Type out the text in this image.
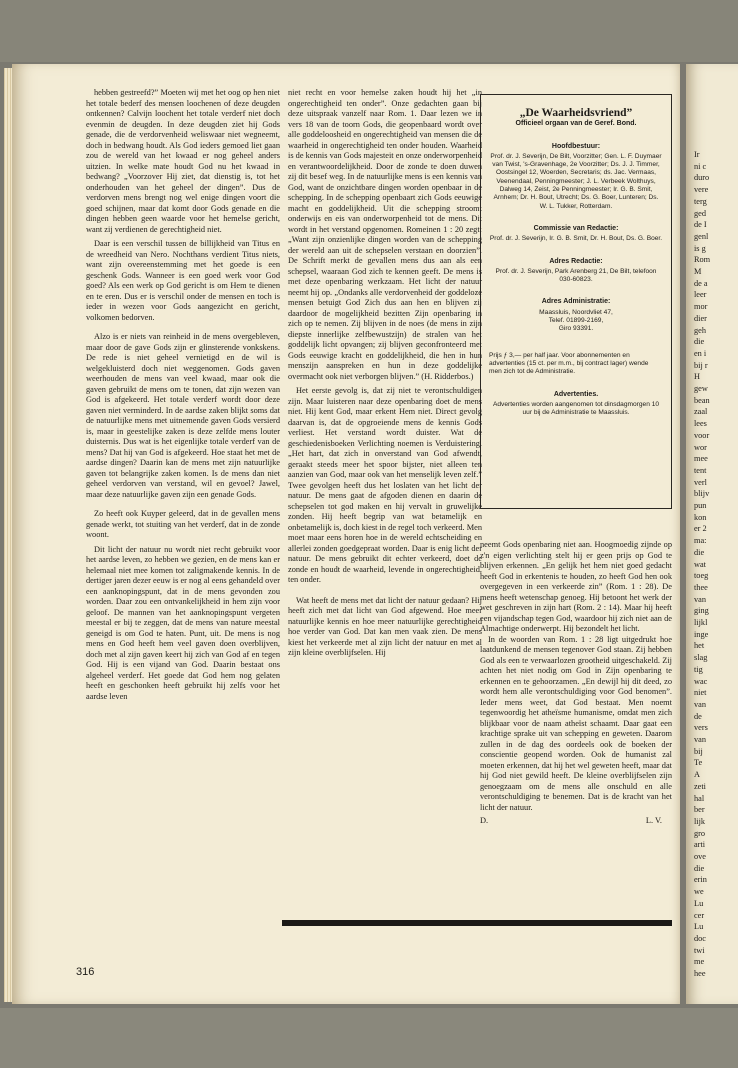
hebben gestreefd?” Moeten wij met het oog op hen niet het totale bederf des mensen loochenen of deze deugden ontkennen? Calvijn loochent het totale verderf niet doch evenmin de deugden. In deze deugden ziet hij Gods genade, die de verdorvenheid weliswaar niet wegneemt, doch in bedwang houdt. Als God ieders gemoed liet gaan zou de wereld van het kwaad er nog geheel anders uitzien. In welke mate houdt God nu het kwaad in bedwang? „Voorzover Hij ziet, dat dienstig is, tot het onderhouden van het geheel der dingen”. Dus de verdorven mens brengt nog wel enige dingen voort die goed schijnen, maar dat komt door Gods genade en die dingen hebben geen waarde voor het hemelse gericht, want zij verdienen de gerechtigheid niet.

Daar is een verschil tussen de billijkheid van Titus en de wreedheid van Nero. Nochthans verdient Titus niets, want zijn overeenstemming met het goede is een geschenk Gods. Wanneer is een goed werk voor God goed? Als een werk op God gericht is om Hem te dienen en te eren. Dus er is verschil onder de mensen en toch is ieder in wezen voor Gods aangezicht en gericht, volkomen bedorven.

Alzo is er niets van reinheid in de mens overgebleven, maar door de gave Gods zijn er glinsterende vonkskens. De rede is niet geheel vernietigd en de wil is welgekluisterd doch niet weggenomen. Gods gaven weerhouden de mens van veel kwaad, maar ook die gaven gebruikt de mens om te tonen, dat zijn wezen van God is afgekeerd. Het totale verderf wordt door deze gaven niet verminderd. In de aardse zaken blijkt soms dat de natuurlijke mens met uitnemende gaven Gods versierd is, maar in geestelijke zaken is deze zelfde mens louter duisternis. Dus wat is het eigenlijke totale verderf van de mens? Dat hij van God is afgekeerd. Hoe staat het met de aardse dingen? Daarin kan de mens met zijn natuurlijke gaven tot belangrijke zaken komen. Is de mens dan niet geheel verdorven van verstand, wil en gevoel? Jawel, maar deze natuurlijke gaven zijn een genade Gods.

Zo heeft ook Kuyper geleerd, dat in de gevallen mens genade werkt, tot stuiting van het verderf, dat in de zonde woont.

Dit licht der natuur nu wordt niet recht gebruikt voor het aardse leven, zo hebben we gezien, en de mens kan er helemaal niet mee komen tot zaligmakende kennis. In de dertiger jaren dezer eeuw is er nog al eens gehandeld over een aanknopingspunt, dat in de mens gevonden zou worden. Daar zou een ontvankelijkheid in hem zijn voor geloof. De mannen van het aanknopingspunt vergeten meestal er bij te zeggen, dat de mens van nature meestal geneigd is om God te haten. Punt, uit. De mens is nog mens en God heeft hem veel gaven doen overblijven, doch met al zijn gaven keert hij zich van God af en tegen God. Hij is een vijand van God. Daarin bestaat ons algeheel verderf. Het goede dat God hem nog gelaten heeft en geschonken heeft gebruikt hij zelfs voor het aardse leven

niet recht en voor hemelse zaken houdt hij het „in ongerechtigheid ten onder”. Onze gedachten gaan bij deze uitspraak vanzelf naar Rom. 1. Daar lezen we in vers 18 van de toorn Gods, die geopenbaard wordt over alle goddeloosheid en ongerechtigheid van mensen die de waarheid in ongerechtigheid ten onder houden. Waarheid is de kennis van Gods majesteit en onze onderworpenheid en verantwoordelijkheid. Door de zonde te doen duwen zij dit besef weg. In de natuurlijke mens is een kennis van God, want de onzichtbare dingen worden openbaar in de schepping. In de schepping openbaart zich Gods eeuwige macht en goddelijkheid. Uit die schepping stroomt onderwijs en eis van onderworpenheid tot de mens. Dit wordt in het verstand opgenomen. Romeinen 1 : 20 zegt: „Want zijn onzienlijke dingen worden van de schepping der wereld aan uit de schepselen verstaan en doorzien”. De Schrift merkt de gevallen mens dus aan als een schepsel, waaraan God zich te kennen geeft. De mens is met deze openbaring werkzaam. Het licht der natuur neemt hij op. „Ondanks alle verdorvenheid der goddeloze mensen betuigt God Zich dus aan hen en blijven zij daardoor de mogelijkheid bezitten Zijn openbaring in zich op te nemen. Zij blijven in de noes (de mens in zijn diepste innerlijke zelfbewustzijn) de stralen van het goddelijk licht opvangen; zij blijven geconfronteerd met Gods eeuwige kracht en goddelijkheid, die hen in hun menszijn aanspreken en hun in deze goddelijke overmacht ook niet verborgen blijven.” (H. Ridderbos.)

Het eerste gevolg is, dat zij niet te verontschuldigen zijn. Maar luisteren naar deze openbaring doet de mens niet. Hij kent God, maar erkent Hem niet. Direct gevolg daarvan is, dat de opgroeiende mens de kennis Gods verliest. Het verstand wordt duister. Wat de geschiedenisboeken Verlichting noemen is Verduistering. „Het hart, dat zich in onverstand van God afwendt, geraakt steeds meer het spoor bijster, niet alleen ten aanzien van God, maar ook van het menselijk leven zelf.” Twee gevolgen heeft dus het loslaten van het licht der natuur. De mens gaat de afgoden dienen en daarin de schepselen tot god maken en hij vervalt in gruwelijke zonden. Hij heeft begrip van wat betamelijk en onbetamelijk is, doch kiest in de regel toch verkeerd. Men moet maar eens horen hoe in de wereld echtscheiding en allerlei zonden goedgepraat worden. Daar is enig licht der natuur. De mens gebruikt dit echter verkeerd, doet de zonde en houdt de waarheid, levende in ongerechtigheid, ten onder.

Wat heeft de mens met dat licht der natuur gedaan? Hij heeft zich met dat licht van God afgewend. Hoe meer natuurlijke kennis en hoe meer natuurlijke gerechtigheid hoe verder van God. Dat kan men vaak zien. De mens kiest het verkeerde met al zijn licht der natuur en met al zijn kleine overblijfselen. Hij

„De Waarheidsvriend”
Officieel orgaan van de Geref. Bond.
Hoofdbestuur:
Prof. dr. J. Severijn, De Bilt, Voorzitter; Gen. L. F. Duymaer van Twist, 's-Gravenhage, 2e Voorzitter; Ds. J. J. Timmer, Oostsingel 12, Woerden, Secretaris; ds. Jac. Vermaas, Veenendaal, Penningmeester; J. L. Verbeek Wolthuys, Dalweg 14, Zeist, 2e Penningmeester; Ir. G. B. Smit, Arnhem; Dr. H. Bout, Utrecht; Ds. G. Boer, Lunteren; Ds. W. L. Tukker, Rotterdam.
Commissie van Redactie:
Prof. dr. J. Severijn, Ir. G. B. Smit, Dr. H. Bout, Ds. G. Boer.
Adres Redactie:
Prof. dr. J. Severijn, Park Arenberg 21, De Bilt, telefoon 030-60823.
Adres Administratie:
Maassluis, Noordvliet 47,
Telef. 01899-2169,
Giro 93391.
Prijs ƒ 3,— per half jaar. Voor abonnementen en advertenties (15 ct. per m.m., bij contract lager) wende men zich tot de Administratie.
Advertenties.
Advertenties worden aangenomen tot dinsdagmorgen 10 uur bij de Administratie te Maassluis.

neemt Gods openbaring niet aan. Hoogmoedig zijnde op z'n eigen verlichting stelt hij er geen prijs op God te blijven erkennen. „En gelijk het hem niet goed gedacht heeft God in erkentenis te houden, zo heeft God hen ook overgegeven in een verkeerde zin” (Rom. 1 : 28). De mens heeft wetenschap genoeg. Hij betoont het werk der wet geschreven in zijn hart (Rom. 2 : 14). Maar hij heeft een vijandschap tegen God, waardoor hij zich niet aan de Almachtige onderwerpt. Hij bezondelt het licht.

In de woorden van Rom. 1 : 28 ligt uitgedrukt hoe laatdunkend de mensen tegenover God staan. Zij hebben God als een te verwaarlozen grootheid uitgeschakeld. Zij achten het niet nodig om God in Zijn openbaring te erkennen en te gehoorzamen. „En dewijl hij dit deed, zo wordt hem alle verontschuldiging voor God benomen”. Ieder mens weet, dat God bestaat. Men noemt tegenwoordig het atheïsme humanisme, omdat men zich blijkbaar voor de naam atheïst schaamt. Daar gaat een krachtige sprake uit van schepping en geweten. Daarom zullen in de dag des oordeels ook de boeken der conscientie geopend worden. Ook de humanist zal moeten erkennen, dat hij het wel geweten heeft, maar dat hij God niet gewild heeft. De kleine overblijfselen zijn genoegzaam om de mens alle onschuld en alle verontschuldiging te benemen. Dat is de kracht van het licht der natuur.

D.	L. V.
316
Ir
ni c
duro
vere
terg
ged
de I
genl
is g
Rom
M
de a
leer
mor
dier
geh
die
en i
bij r
H
gew
bean
zaal
lees
voor
wor
mee
tent
verl
blijv
pun
kon
er 2
ma:
die
wat
toeg
thee
van
ging
lijkl
inge
het
slag
tig
wac
niet
van
de
vers
van
bij
Te
A
zeti
hal
ber
lijk
gro
arti
ove
die
erin
we
Lu
cer
Lu
doc
twi
me
hee
